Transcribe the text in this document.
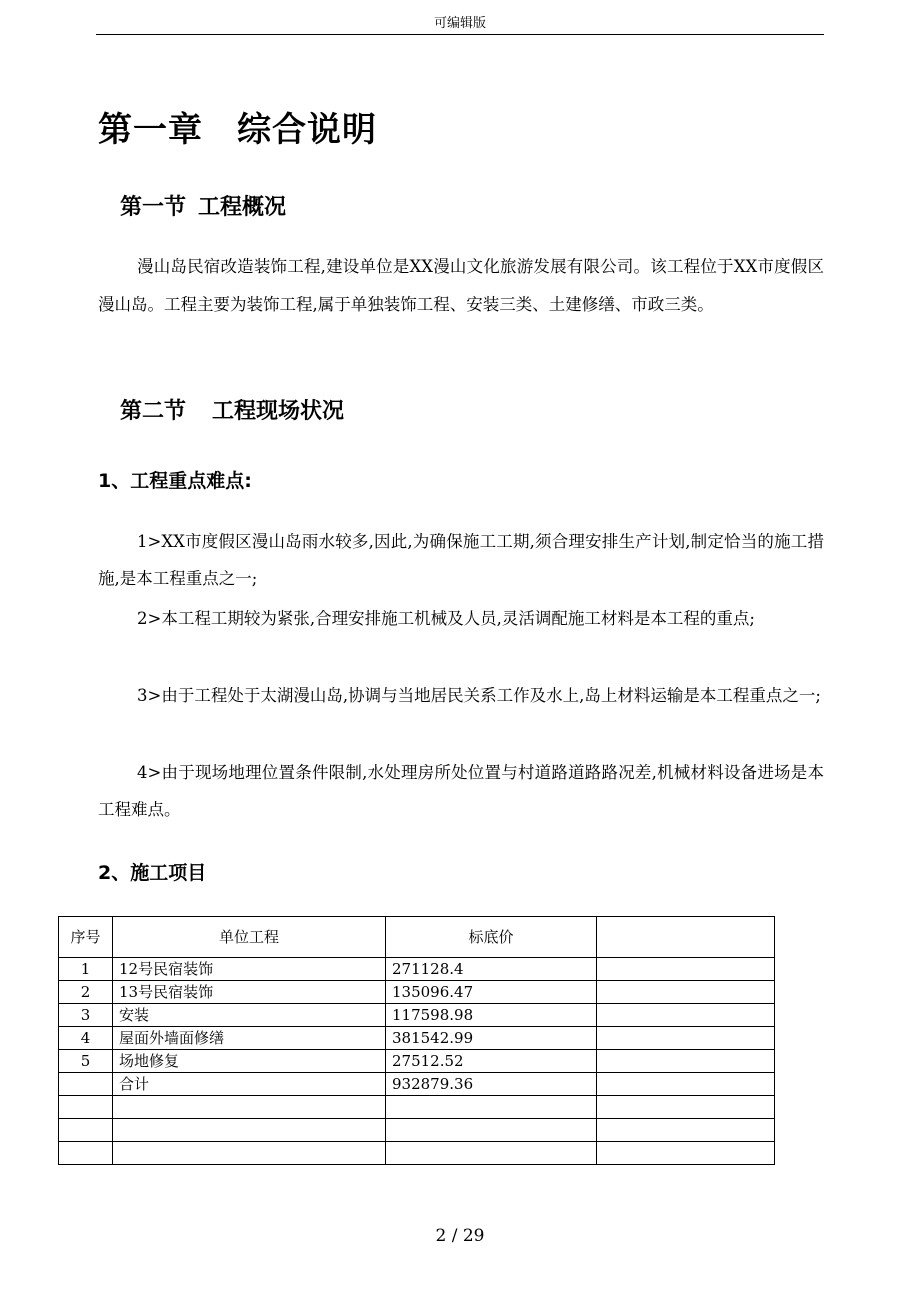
可编辑版
第一章 综合说明
第一节 工程概况
漫山岛民宿改造装饰工程,建设单位是XX漫山文化旅游发展有限公司。该工程位于XX市度假区漫山岛。工程主要为装饰工程,属于单独装饰工程、安装三类、土建修缮、市政三类。
第二节 工程现场状况
1、工程重点难点:
1>XX市度假区漫山岛雨水较多,因此,为确保施工工期,须合理安排生产计划,制定恰当的施工措施,是本工程重点之一;
2>本工程工期较为紧张,合理安排施工机械及人员,灵活调配施工材料是本工程的重点;
3>由于工程处于太湖漫山岛,协调与当地居民关系工作及水上,岛上材料运输是本工程重点之一;
4>由于现场地理位置条件限制,水处理房所处位置与村道路道路路况差,机械材料设备进场是本工程难点。
2、施工项目
序号	单位工程	标底价	
1	12号民宿装饰	271128.4	
2	13号民宿装饰	135096.47	
3	安装	117598.98	
4	屋面外墙面修缮	381542.99	
5	场地修复	27512.52	
	合计	932879.36	

2 / 29
